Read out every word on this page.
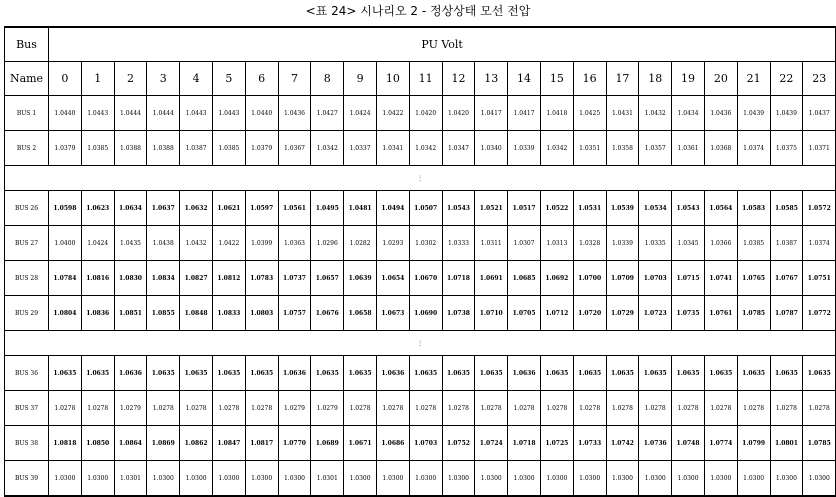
<표 24> 시나리오 2 - 정상상태 모선 전압
Bus	PU Volt																							
Name	0	1	2	3	4	5	6	7	8	9	10	11	12	13	14	15	16	17	18	19	20	21	22	23
BUS 1	1.0440	1.0443	1.0444	1.0444	1.0443	1.0443	1.0440	1.0436	1.0427	1.0424	1.0422	1.0420	1.0420	1.0417	1.0417	1.0418	1.0425	1.0431	1.0432	1.0434	1.0436	1.0439	1.0439	1.0437
BUS 2	1.0379	1.0385	1.0388	1.0388	1.0387	1.0385	1.0379	1.0367	1.0342	1.0337	1.0341	1.0342	1.0347	1.0340	1.0339	1.0342	1.0351	1.0358	1.0357	1.0361	1.0368	1.0374	1.0375	1.0371
⋮																								
BUS 26	1.0598	1.0623	1.0634	1.0637	1.0632	1.0621	1.0597	1.0561	1.0495	1.0481	1.0494	1.0507	1.0543	1.0521	1.0517	1.0522	1.0531	1.0539	1.0534	1.0543	1.0564	1.0583	1.0585	1.0572
BUS 27	1.0400	1.0424	1.0435	1.0438	1.0432	1.0422	1.0399	1.0363	1.0296	1.0282	1.0293	1.0302	1.0333	1.0311	1.0307	1.0313	1.0328	1.0339	1.0335	1.0345	1.0366	1.0385	1.0387	1.0374
BUS 28	1.0784	1.0816	1.0830	1.0834	1.0827	1.0812	1.0783	1.0737	1.0657	1.0639	1.0654	1.0670	1.0718	1.0691	1.0685	1.0692	1.0700	1.0709	1.0703	1.0715	1.0741	1.0765	1.0767	1.0751
BUS 29	1.0804	1.0836	1.0851	1.0855	1.0848	1.0833	1.0803	1.0757	1.0676	1.0658	1.0673	1.0690	1.0738	1.0710	1.0705	1.0712	1.0720	1.0729	1.0723	1.0735	1.0761	1.0785	1.0787	1.0772
⋮																								
BUS 36	1.0635	1.0635	1.0636	1.0635	1.0635	1.0635	1.0635	1.0636	1.0635	1.0635	1.0636	1.0635	1.0635	1.0635	1.0636	1.0635	1.0635	1.0635	1.0635	1.0635	1.0635	1.0635	1.0635	1.0635
BUS 37	1.0278	1.0278	1.0279	1.0278	1.0278	1.0278	1.0278	1.0279	1.0279	1.0278	1.0278	1.0278	1.0278	1.0278	1.0278	1.0278	1.0278	1.0278	1.0278	1.0278	1.0278	1.0278	1.0278	1.0278
BUS 38	1.0818	1.0850	1.0864	1.0869	1.0862	1.0847	1.0817	1.0770	1.0689	1.0671	1.0686	1.0703	1.0752	1.0724	1.0718	1.0725	1.0733	1.0742	1.0736	1.0748	1.0774	1.0799	1.0801	1.0785
BUS 39	1.0300	1.0300	1.0301	1.0300	1.0300	1.0300	1.0300	1.0300	1.0301	1.0300	1.0300	1.0300	1.0300	1.0300	1.0300	1.0300	1.0300	1.0300	1.0300	1.0300	1.0300	1.0300	1.0300	1.0300
